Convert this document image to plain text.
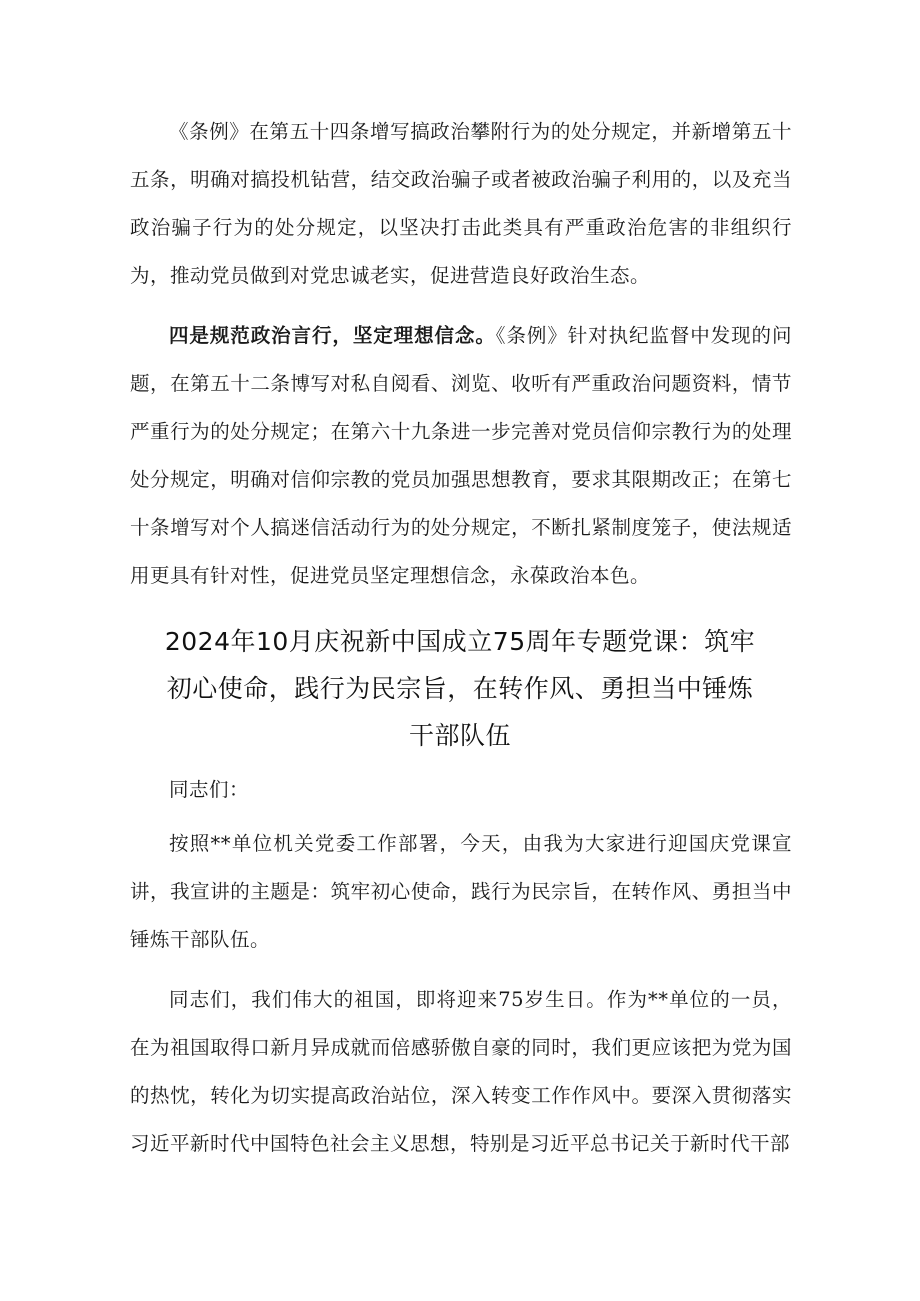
《条例》在第五十四条增写搞政治攀附行为的处分规定，并新增第五十五条，明确对搞投机钻营，结交政治骗子或者被政治骗子利用的，以及充当政治骗子行为的处分规定，以坚决打击此类具有严重政治危害的非组织行为，推动党员做到对党忠诚老实，促进营造良好政治生态。

四是规范政治言行，坚定理想信念。《条例》针对执纪监督中发现的问题，在第五十二条博写对私自阅看、浏览、收听有严重政治问题资料，情节严重行为的处分规定；在第六十九条进一步完善对党员信仰宗教行为的处理处分规定，明确对信仰宗教的党员加强思想教育，要求其限期改正；在第七十条增写对个人搞迷信活动行为的处分规定，不断扎紧制度笼子，使法规适用更具有针对性，促进党员坚定理想信念，永葆政治本色。

2024年10月庆祝新中国成立75周年专题党课：筑牢
初心使命，践行为民宗旨，在转作风、勇担当中锤炼
干部队伍
同志们：

按照**单位机关党委工作部署，今天，由我为大家进行迎国庆党课宣讲，我宣讲的主题是：筑牢初心使命，践行为民宗旨，在转作风、勇担当中锤炼干部队伍。

同志们，我们伟大的祖国，即将迎来75岁生日。作为**单位的一员，在为祖国取得口新月异成就而倍感骄傲自豪的同时，我们更应该把为党为国的热忱，转化为切实提高政治站位，深入转变工作作风中。要深入贯彻落实习近平新时代中国特色社会主义思想，特别是习近平总书记关于新时代干部
